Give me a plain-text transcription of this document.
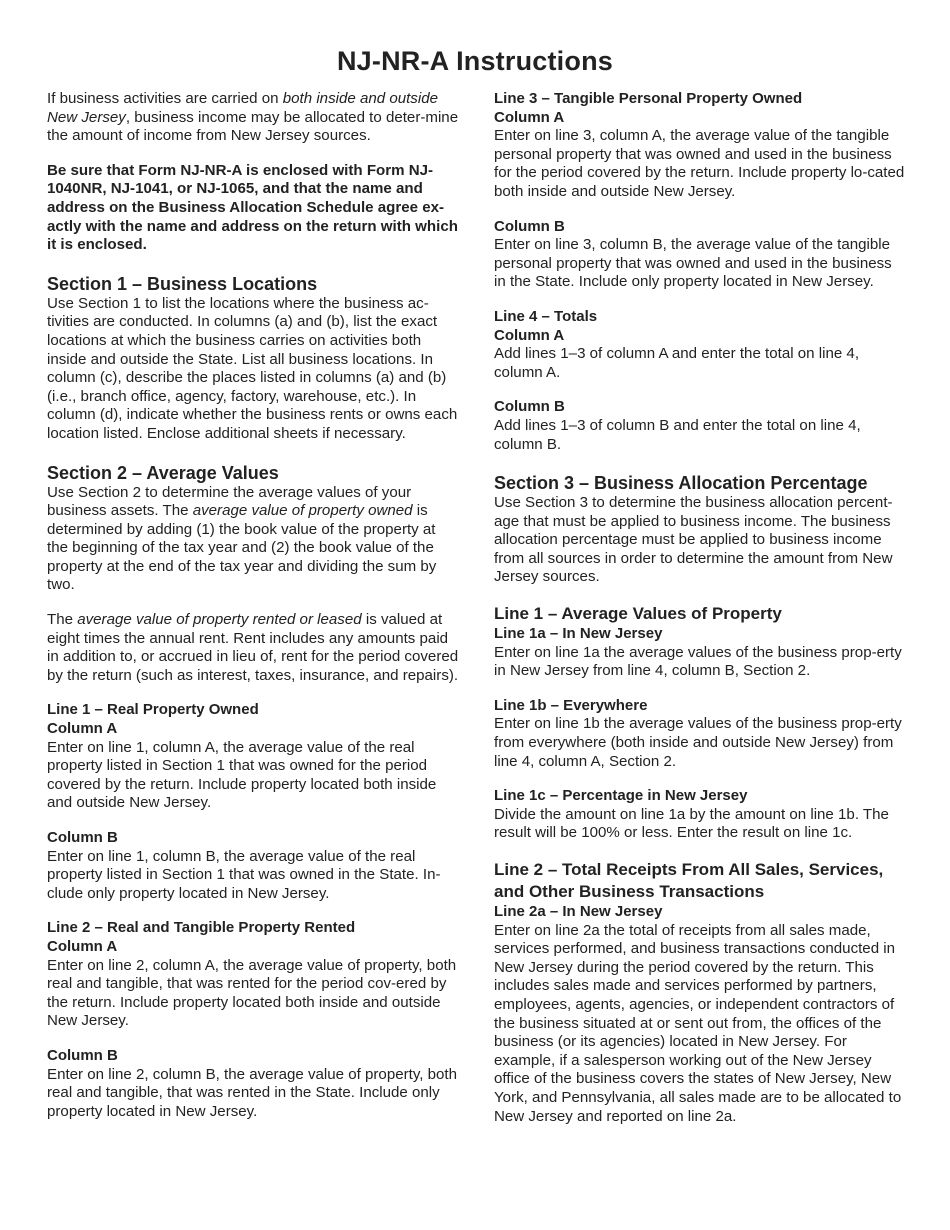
NJ-NR-A Instructions

If business activities are carried on both inside and outside New Jersey, business income may be allocated to deter-mine the amount of income from New Jersey sources.

Be sure that Form NJ-NR-A is enclosed with Form NJ-1040NR, NJ-1041, or NJ-1065, and that the name and address on the Business Allocation Schedule agree ex-actly with the name and address on the return with which it is enclosed.

Section 1 – Business Locations

Use Section 1 to list the locations where the business ac-tivities are conducted. In columns (a) and (b), list the exact locations at which the business carries on activities both inside and outside the State. List all business locations. In column (c), describe the places listed in columns (a) and (b) (i.e., branch office, agency, factory, warehouse, etc.). In column (d), indicate whether the business rents or owns each location listed. Enclose additional sheets if necessary.

Section 2 – Average Values

Use Section 2 to determine the average values of your business assets. The average value of property owned is determined by adding (1) the book value of the property at the beginning of the tax year and (2) the book value of the property at the end of the tax year and dividing the sum by two.

The average value of property rented or leased is valued at eight times the annual rent. Rent includes any amounts paid in addition to, or accrued in lieu of, rent for the period covered by the return (such as interest, taxes, insurance, and repairs).

Line 1 – Real Property Owned
Column A

Enter on line 1, column A, the average value of the real property listed in Section 1 that was owned for the period covered by the return. Include property located both inside and outside New Jersey.

Column B

Enter on line 1, column B, the average value of the real property listed in Section 1 that was owned in the State. In-clude only property located in New Jersey.

Line 2 – Real and Tangible Property Rented
Column A

Enter on line 2, column A, the average value of property, both real and tangible, that was rented for the period cov-ered by the return. Include property located both inside and outside New Jersey.

Column B

Enter on line 2, column B, the average value of property, both real and tangible, that was rented in the State. Include only property located in New Jersey.

Line 3 – Tangible Personal Property Owned
Column A

Enter on line 3, column A, the average value of the tangible personal property that was owned and used in the business for the period covered by the return. Include property lo-cated both inside and outside New Jersey.

Column B

Enter on line 3, column B, the average value of the tangible personal property that was owned and used in the business in the State. Include only property located in New Jersey.

Line 4 – Totals
Column A

Add lines 1–3 of column A and enter the total on line 4, column A.

Column B

Add lines 1–3 of column B and enter the total on line 4, column B.

Section 3 – Business Allocation Percentage

Use Section 3 to determine the business allocation percent-age that must be applied to business income. The business allocation percentage must be applied to business income from all sources in order to determine the amount from New Jersey sources.

Line 1 – Average Values of Property
Line 1a – In New Jersey

Enter on line 1a the average values of the business prop-erty in New Jersey from line 4, column B, Section 2.

Line 1b – Everywhere

Enter on line 1b the average values of the business prop-erty from everywhere (both inside and outside New Jersey) from line 4, column A, Section 2.

Line 1c – Percentage in New Jersey

Divide the amount on line 1a by the amount on line 1b. The result will be 100% or less. Enter the result on line 1c.

Line 2 – Total Receipts From All Sales, Services, and Other Business Transactions
Line 2a – In New Jersey

Enter on line 2a the total of receipts from all sales made, services performed, and business transactions conducted in New Jersey during the period covered by the return. This includes sales made and services performed by partners, employees, agents, agencies, or independent contractors of the business situated at or sent out from, the offices of the business (or its agencies) located in New Jersey. For example, if a salesperson working out of the New Jersey office of the business covers the states of New Jersey, New York, and Pennsylvania, all sales made are to be allocated to New Jersey and reported on line 2a.
